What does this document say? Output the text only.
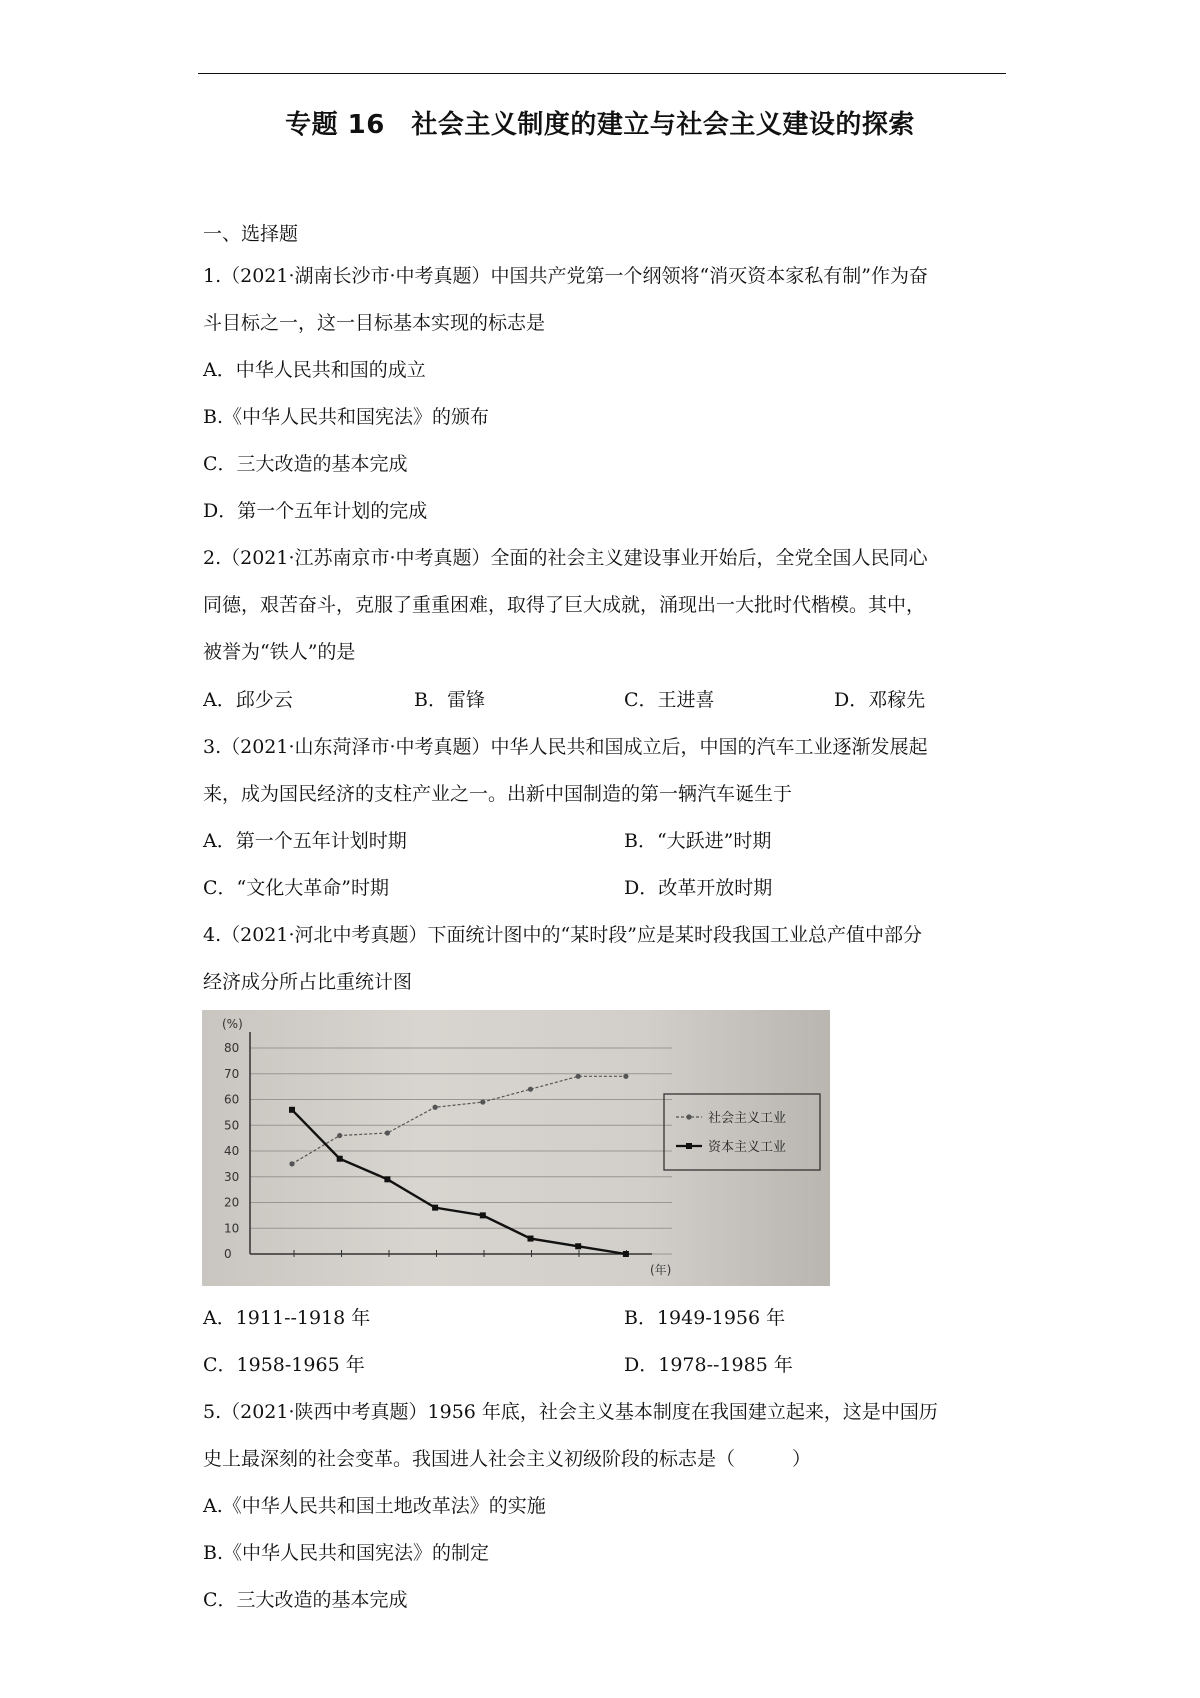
专题 16　社会主义制度的建立与社会主义建设的探索
一、选择题
1.（2021·湖南长沙市·中考真题）中国共产党第一个纲领将“消灭资本家私有制”作为奋
斗目标之一，这一目标基本实现的标志是
A．中华人民共和国的成立
B.《中华人民共和国宪法》的颁布
C．三大改造的基本完成
D．第一个五年计划的完成
2.（2021·江苏南京市·中考真题）全面的社会主义建设事业开始后，全党全国人民同心
同德，艰苦奋斗，克服了重重困难，取得了巨大成就，涌现出一大批时代楷模。其中，
被誉为“铁人”的是
A．邱少云	B．雷锋	C．王进喜	D．邓稼先
3.（2021·山东菏泽市·中考真题）中华人民共和国成立后，中国的汽车工业逐渐发展起
来，成为国民经济的支柱产业之一。出新中国制造的第一辆汽车诞生于
A．第一个五年计划时期	B．“大跃进”时期
C．“文化大革命”时期	D．改革开放时期
4.（2021·河北中考真题）下面统计图中的“某时段”应是某时段我国工业总产值中部分
经济成分所占比重统计图
80
70
60
50
40
30
20
10
0
(%)
(年)
社会主义工业
资本主义工业
A．1911--1918 年	B．1949-1956 年
C．1958-1965 年	D．1978--1985 年
5.（2021·陕西中考真题）1956 年底，社会主义基本制度在我国建立起来，这是中国历
史上最深刻的社会变革。我国进人社会主义初级阶段的标志是（　　　）
A.《中华人民共和国土地改革法》的实施
B.《中华人民共和国宪法》的制定
C．三大改造的基本完成
